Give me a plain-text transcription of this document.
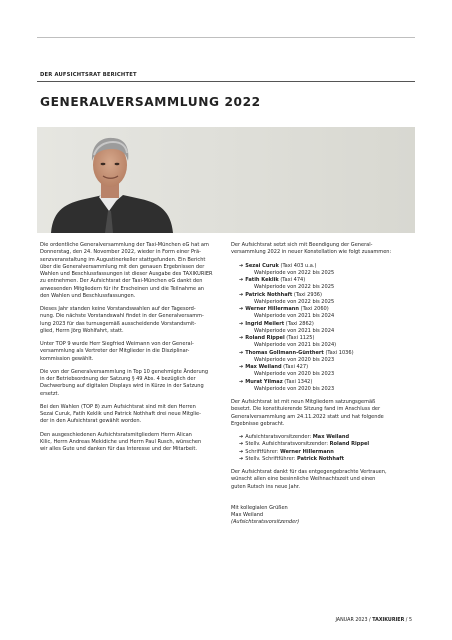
DER AUFSICHTSRAT BERICHTET
GENERALVERSAMMLUNG 2022

Die ordentliche Generalversammlung der Taxi-München eG hat am
Donnerstag, den 24. November 2022, wieder in Form einer Prä-
senzveranstaltung im Augustinerkeller stattgefunden. Ein Bericht
über die Generalversammlung mit den genauen Ergebnissen der
Wahlen und Beschlussfassungen ist dieser Ausgabe des TAXIKURIER
zu entnehmen. Der Aufsichtsrat der Taxi-München eG dankt den
anwesenden Mitgliedern für ihr Erscheinen und die Teilnahme an
den Wahlen und Beschlussfassungen.

Dieses Jahr standen keine Vorstandswahlen auf der Tagesord-
nung. Die nächste Vorstandswahl findet in der Generalversamm-
lung 2023 für das turnusgemäß ausscheidende Vorstandsmit-
glied, Herrn Jörg Wohlfahrt, statt.

Unter TOP 9 wurde Herr Siegfried Weimann von der General-
versammlung als Vertreter der Mitglieder in die Disziplinar-
kommission gewählt.

Die von der Generalversammlung in Top 10 genehmigte Änderung
in der Betriebsordnung der Satzung § 49 Abs. 4 bezüglich der
Dachwerbung auf digitalen Displays wird in Kürze in der Satzung
ersetzt.

Bei den Wahlen (TOP 8) zum Aufsichtsrat sind mit den Herren
Sezai Curuk, Fatih Keklik und Patrick Nothhaft drei neue Mitglie-
der in den Aufsichtsrat gewählt worden.

Den ausgeschiedenen Aufsichtsratsmitgliedern Herrn Alican
Kilic, Herrn Andreas Mekidiche und Herrn Paul Rusch, wünschen
wir alles Gute und danken für das Interesse und der Mitarbeit.

Der Aufsichtsrat setzt sich mit Beendigung der General-
versammlung 2022 in neuer Konstellation wie folgt zusammen:

➔ Sezai Curuk (Taxi 403 u.a.)
Wahlperiode von 2022 bis 2025
➔ Fatih Keklik (Taxi 474)
Wahlperiode von 2022 bis 2025
➔ Patrick Nothhaft (Taxi 2936)
Wahlperiode von 2022 bis 2025
➔ Werner Hillermann (Taxi 2060)
Wahlperiode von 2021 bis 2024
➔ Ingrid Meilert (Taxi 2862)
Wahlperiode von 2021 bis 2024
➔ Roland Rippel (Taxi 1125)
Wahlperiode von 2021 bis 2024)
➔ Thomas Gollmann-Günthert (Taxi 1036)
Wahlperiode von 2020 bis 2023
➔ Max Weiland (Taxi 427)
Wahlperiode von 2020 bis 2023
➔ Murat Yilmaz (Taxi 1342)
Wahlperiode von 2020 bis 2023

Der Aufsichtsrat ist mit neun Mitgliedern satzungsgemäß
besetzt. Die konstituierende Sitzung fand im Anschluss der
Generalversammlung am 24.11.2022 statt und hat folgende
Ergebnisse gebracht.

➔ Aufsichtsratsvorsitzender: Max Weiland
➔ Stellv. Aufsichtsratsvorsitzender: Roland Rippel
➔ Schriftführer: Werner Hillermann
➔ Stellv. Schriftführer: Patrick Nothhaft

Der Aufsichtsrat dankt für das entgegengebrachte Vertrauen,
wünscht allen eine besinnliche Weihnachtszeit und einen
guten Rutsch ins neue Jahr.

Mit kollegialen Grüßen
Max Weiland
(Aufsichtsratsvorsitzender)
JANUAR 2023 / TAXIKURIER / 5
